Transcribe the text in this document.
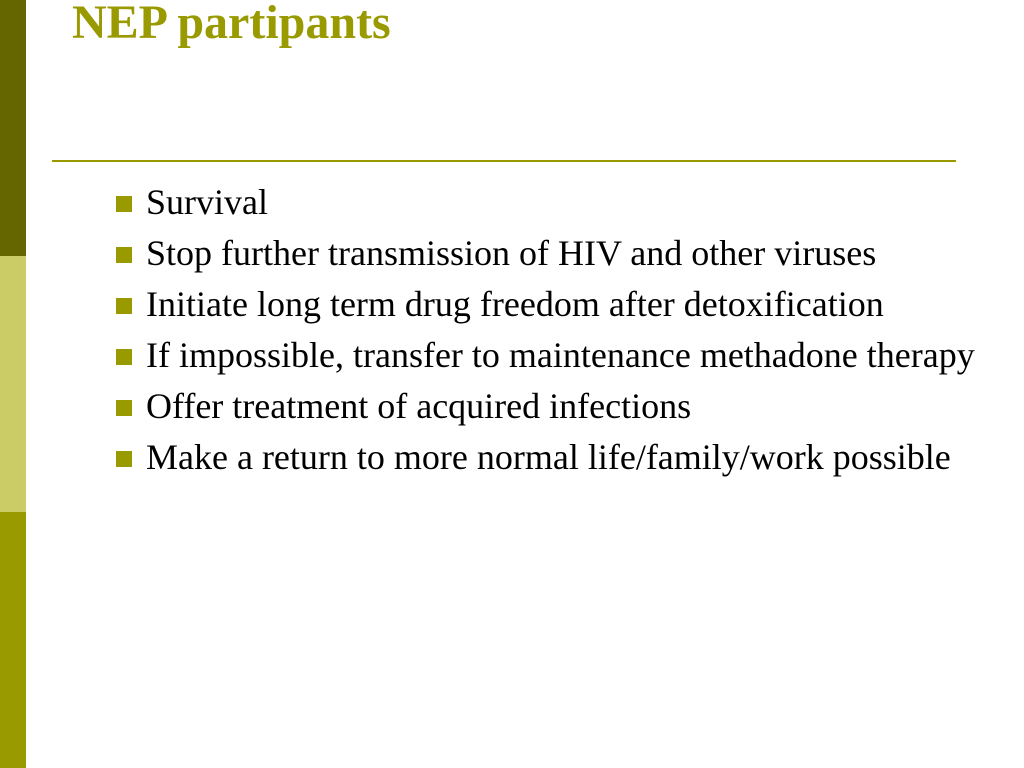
NEP partipants
Survival
Stop further transmission of HIV and other viruses
Initiate long term drug freedom after detoxification
If impossible, transfer to maintenance methadone therapy
Offer treatment of acquired infections
Make a return to more normal life/family/work possible
